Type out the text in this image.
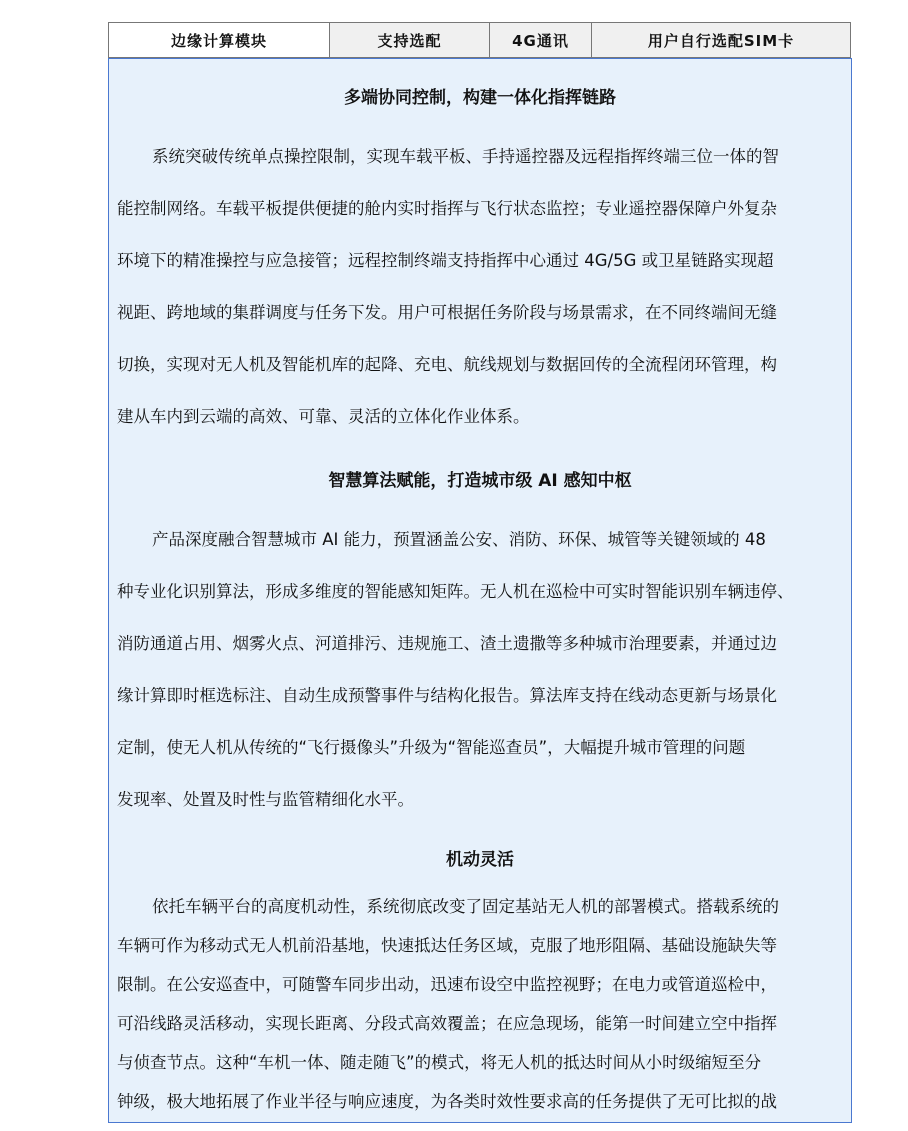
边缘计算模块	支持选配	4G通讯	用户自行选配SIM卡
多端协同控制，构建一体化指挥链路
系统突破传统单点操控限制，实现车载平板、手持遥控器及远程指挥终端三位一体的智
能控制网络。车载平板提供便捷的舱内实时指挥与飞行状态监控；专业遥控器保障户外复杂
环境下的精准操控与应急接管；远程控制终端支持指挥中心通过 4G/5G 或卫星链路实现超
视距、跨地域的集群调度与任务下发。用户可根据任务阶段与场景需求，在不同终端间无缝
切换，实现对无人机及智能机库的起降、充电、航线规划与数据回传的全流程闭环管理，构
建从车内到云端的高效、可靠、灵活的立体化作业体系。
智慧算法赋能，打造城市级 AI 感知中枢
产品深度融合智慧城市 AI 能力，预置涵盖公安、消防、环保、城管等关键领域的 48
种专业化识别算法，形成多维度的智能感知矩阵。无人机在巡检中可实时智能识别车辆违停、
消防通道占用、烟雾火点、河道排污、违规施工、渣土遗撒等多种城市治理要素，并通过边
缘计算即时框选标注、自动生成预警事件与结构化报告。算法库支持在线动态更新与场景化
定制，使无人机从传统的“飞行摄像头”升级为“智能巡查员”，大幅提升城市管理的问题
发现率、处置及时性与监管精细化水平。
机动灵活
依托车辆平台的高度机动性，系统彻底改变了固定基站无人机的部署模式。搭载系统的
车辆可作为移动式无人机前沿基地，快速抵达任务区域，克服了地形阻隔、基础设施缺失等
限制。在公安巡查中，可随警车同步出动，迅速布设空中监控视野；在电力或管道巡检中，
可沿线路灵活移动，实现长距离、分段式高效覆盖；在应急现场，能第一时间建立空中指挥
与侦查节点。这种“车机一体、随走随飞”的模式，将无人机的抵达时间从小时级缩短至分
钟级，极大地拓展了作业半径与响应速度，为各类时效性要求高的任务提供了无可比拟的战
